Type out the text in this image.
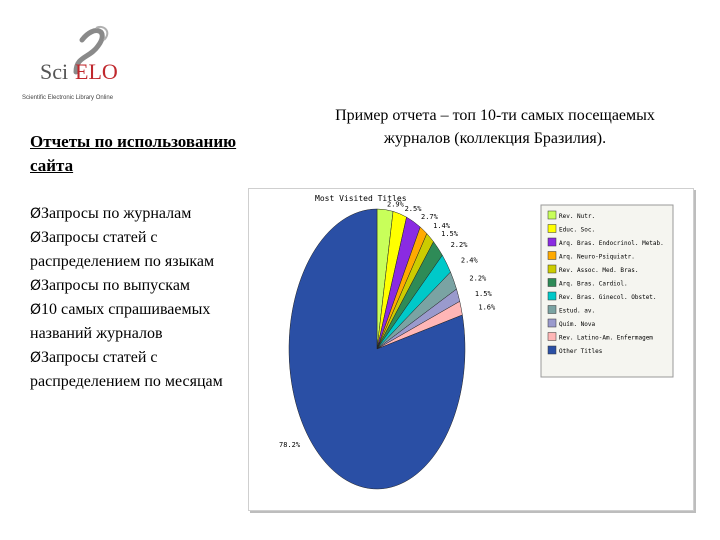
Sci ELO
Scientific Electronic Library Online
Отчеты по использованию сайта
ØЗапросы по журналам
ØЗапросы статей с распределением по языкам
ØЗапросы по выпускам
Ø10 самых спрашиваемых названий журналов
ØЗапросы статей с распределением по месяцам
Пример отчета – топ 10-ти самых посещаемых журналов (коллекция Бразилия).
Most Visited Titles
2.9%
2.5%
2.7%
1.4%
1.5%
2.2%
2.4%
2.2%
1.5%
1.6%
78.2%
Rev. Nutr.
Educ. Soc.
Arq. Bras. Endocrinol. Metab.
Arq. Neuro-Psiquiatr.
Rev. Assoc. Med. Bras.
Arq. Bras. Cardiol.
Rev. Bras. Ginecol. Obstet.
Estud. av.
Quím. Nova
Rev. Latino-Am. Enfermagem
Other Titles
